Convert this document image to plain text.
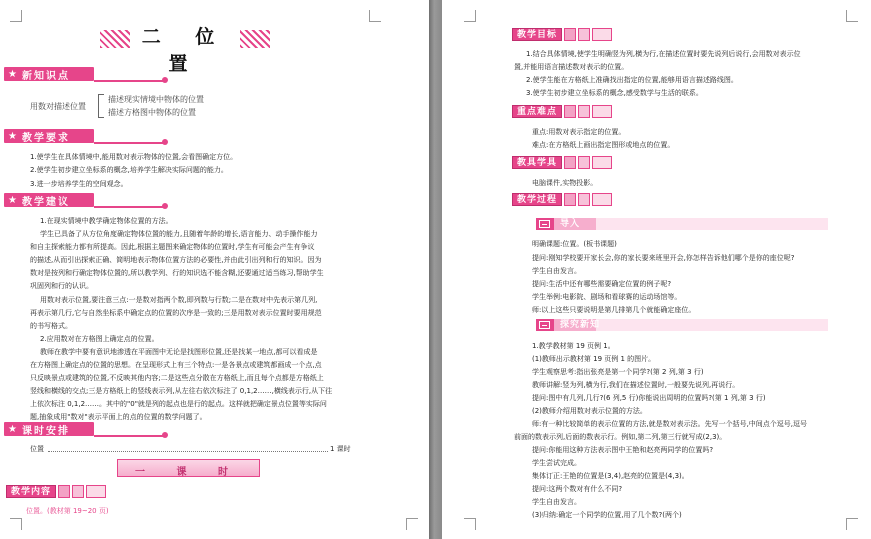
二 位 置
★ 新知识点
用数对描述位置
描述现实情境中物体的位置
描述方格图中物体的位置
★ 教学要求
1.使学生在具体情境中,能用数对表示物体的位置,会看图确定方位。
2.使学生初步建立坐标系的概念,培养学生解决实际问题的能力。
3.进一步培养学生的空间观念。
★ 教学建议
1.在现实情境中教学确定物体位置的方法。
学生已具备了从方位角度确定物体位置的能力,且随着年龄的增长,语言能力、动手操作能力
和自主探索能力都有所提高。因此,根据主题图来确定物体的位置时,学生有可能会产生有争议
的描述,从而引出探索正确、简明地表示物体位置方法的必要性,并由此引出列和行的知识。因为
数对是按列和行确定物体位置的,所以教学列、行的知识选不能含糊,还要通过适当练习,帮助学生
巩固列和行的认识。
用数对表示位置,要注意三点:一是数对指两个数,即列数与行数;二是在数对中先表示第几列,
再表示第几行,它与自然坐标系中确定点的位置的次序是一致的;三是用数对表示位置时要用规范
的书写格式。
2.应用数对在方格图上确定点的位置。
教师在教学中要有意识地渗透在平面图中无论是找图形位置,还是找某一地点,都可以看成是
在方格图上确定点的位置的思想。在呈现形式上有三个特点:一是各景点或建筑都画成一个点,点
只反映景点或建筑的位置,不反映其他内容;二是这些点分散在方格纸上,而且每个点都是方格纸上
竖线和横线的交点;三是方格纸上的竖线表示列,从左往右依次标注了 0,1,2……,横线表示行,从下往
上依次标注 0,1,2……。其中的"0"就是列的起点也是行的起点。这样就把确定景点位置等实际问
题,抽象成用"数对"表示平面上的点的位置的数学问题了。
★ 课时安排
位置	1 课时
一 课 时
教学内容
位置。(教材第 19~20 页)
教学目标
1.结合具体情境,使学生明确竖为列,横为行,在描述位置时要先说列后说行,会用数对表示位
置,并能用语言描述数对表示的位置。
2.使学生能在方格纸上准确找出指定的位置,能够用语言描述路线图。
3.使学生初步建立坐标系的概念,感受数学与生活的联系。
重点难点
重点:用数对表示指定的位置。
难点:在方格纸上画出指定图形或地点的位置。
教具学具
电脑课件,实物投影。
教学过程
导入
明确课题:位置。(板书课题)
提问:刚知学校要开家长会,你的家长要来班里开会,你怎样告诉他们哪个是你的座位呢?
学生自由发言。
提问:生活中还有哪些需要确定位置的例子呢?
学生举例:电影院、剧场和看球赛的运动场馆等。
师:以上这些只要说明是第几排第几个就能确定座位。
探究新知
1.教学教材第 19 页例 1。
(1)教师出示教材第 19 页例 1 的图片。
学生观察思考:指出张亮是第一个同学?(第 2 列,第 3 行)
教师讲解:竖为列,横为行,我们在描述位置时,一般要先说列,再说行。
提问:图中有几列,几行?(6 列,5 行)你能说出周明的位置吗?(第 1 列,第 3 行)
(2)教师介绍用数对表示位置的方法。
师:有一种比较简单的表示位置的方法,就是数对表示法。先写一个括号,中间点个逗号,逗号
前面的数表示列,后面的数表示行。例如,第二列,第三行就写成(2,3)。
提问:你能用这种方法表示图中王艳和赵亮两同学的位置吗?
学生尝试完成。
集体订正:王艳的位置是(3,4),赵亮的位置是(4,3)。
提问:这两个数对有什么不同?
学生自由发言。
(3)归纳:确定一个同学的位置,用了几个数?(两个)
